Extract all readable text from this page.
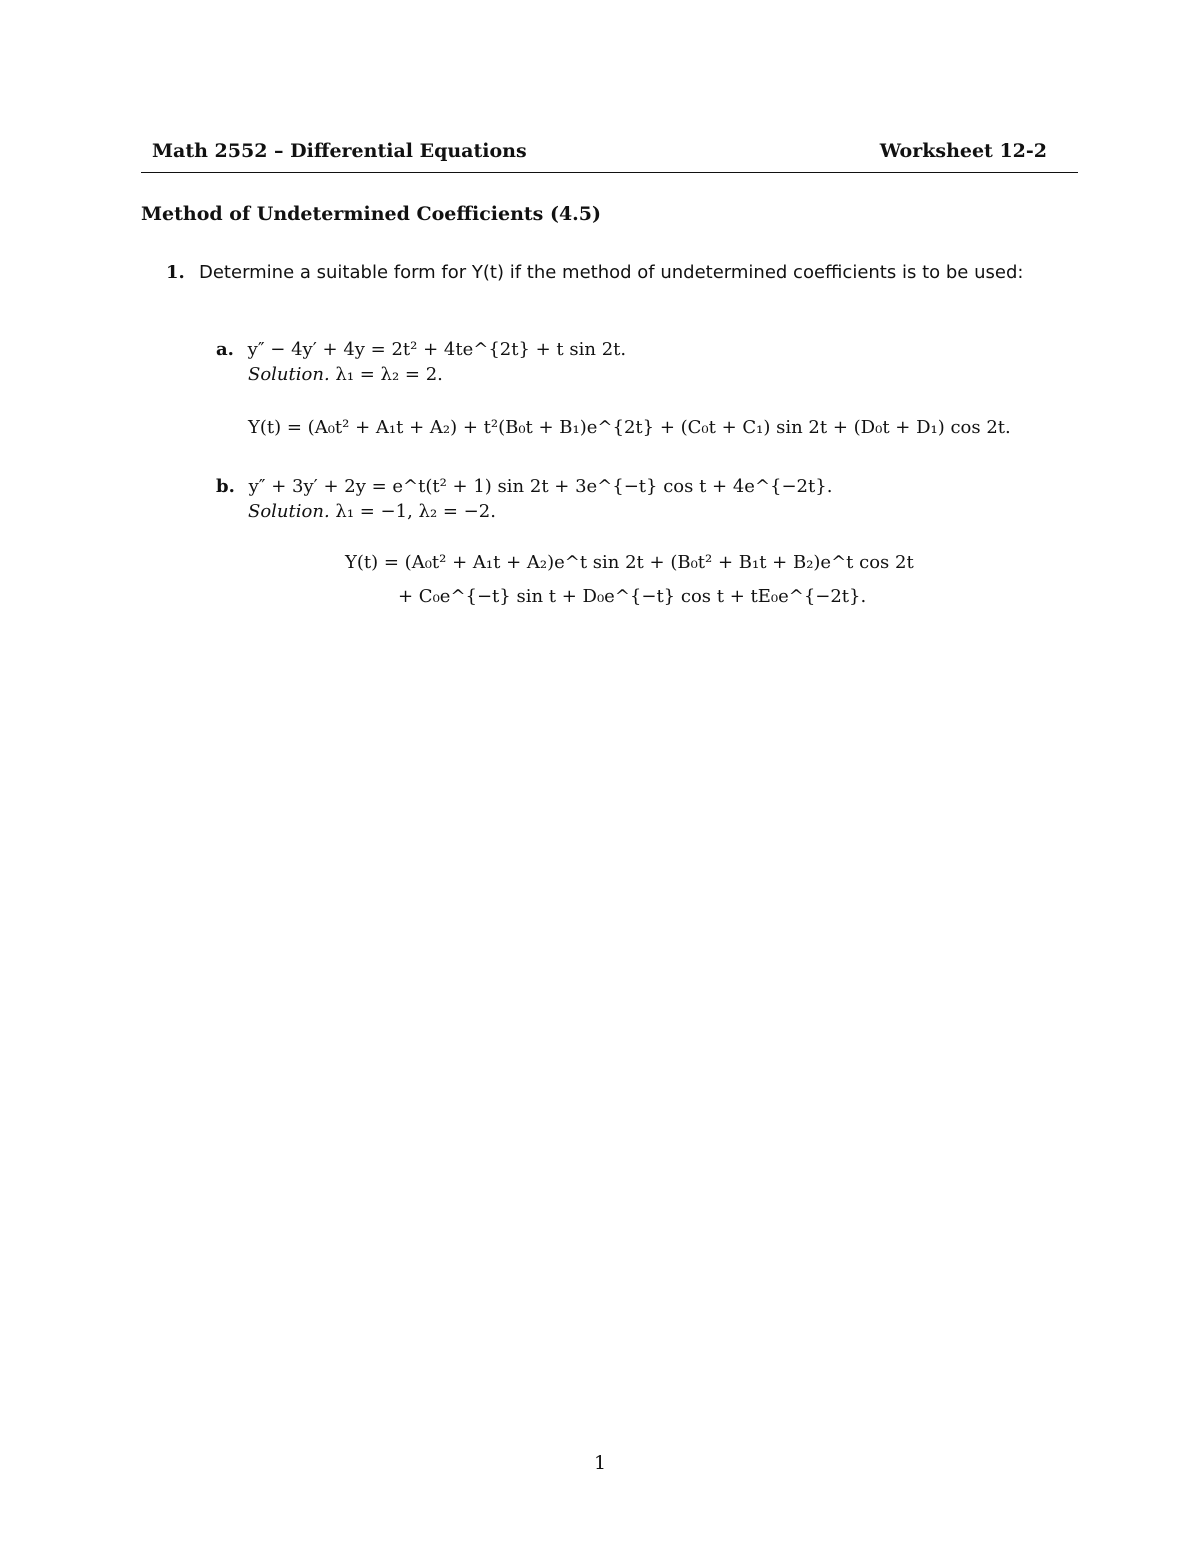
Math 2552 – Differential Equations	Worksheet 12-2
Method of Undetermined Coefficients (4.5)
1. Determine a suitable form for Y(t) if the method of undetermined coefficients is to be used:
a. y″ − 4y′ + 4y = 2t² + 4te^{2t} + t sin 2t.
Solution. λ₁ = λ₂ = 2.
Y(t) = (A₀t² + A₁t + A₂) + t²(B₀t + B₁)e^{2t} + (C₀t + C₁) sin 2t + (D₀t + D₁) cos 2t.
b. y″ + 3y′ + 2y = e^t(t² + 1) sin 2t + 3e^{−t} cos t + 4e^{−2t}.
Solution. λ₁ = −1, λ₂ = −2.
Y(t) = (A₀t² + A₁t + A₂)e^t sin 2t + (B₀t² + B₁t + B₂)e^t cos 2t
+ C₀e^{−t} sin t + D₀e^{−t} cos t + tE₀e^{−2t}.
1
